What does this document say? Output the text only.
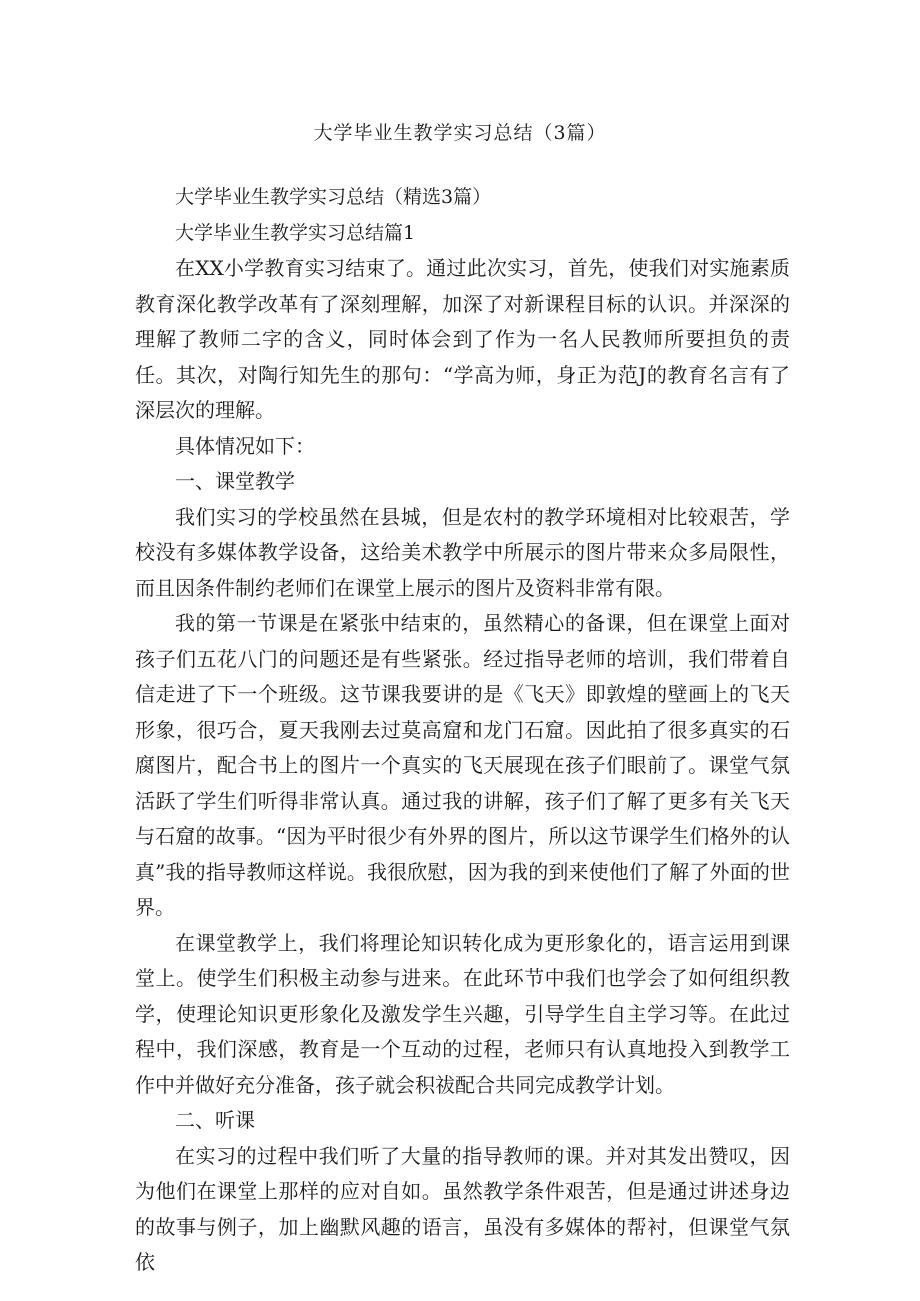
大学毕业生教学实习总结（3篇）

大学毕业生教学实习总结（精选3篇）

大学毕业生教学实习总结篇1

在XX小学教育实习结束了。通过此次实习，首先，使我们对实施素质教育深化教学改革有了深刻理解，加深了对新课程目标的认识。并深深的理解了教师二字的含义，同时体会到了作为一名人民教师所要担负的责任。其次，对陶行知先生的那句：“学高为师，身正为范J的教育名言有了深层次的理解。

具体情况如下：

一、课堂教学

我们实习的学校虽然在县城，但是农村的教学环境相对比较艰苦，学校没有多媒体教学设备，这给美术教学中所展示的图片带来众多局限性，而且因条件制约老师们在课堂上展示的图片及资料非常有限。

我的第一节课是在紧张中结束的，虽然精心的备课，但在课堂上面对孩子们五花八门的问题还是有些紧张。经过指导老师的培训，我们带着自信走进了下一个班级。这节课我要讲的是《飞天》即敦煌的壁画上的飞天形象，很巧合，夏天我刚去过莫高窟和龙门石窟。因此拍了很多真实的石腐图片，配合书上的图片一个真实的飞天展现在孩子们眼前了。课堂气氛活跃了学生们听得非常认真。通过我的讲解，孩子们了解了更多有关飞天与石窟的故事。“因为平时很少有外界的图片，所以这节课学生们格外的认真”我的指导教师这样说。我很欣慰，因为我的到来使他们了解了外面的世界。

在课堂教学上，我们将理论知识转化成为更形象化的，语言运用到课堂上。使学生们积极主动参与进来。在此环节中我们也学会了如何组织教学，使理论知识更形象化及激发学生兴趣，引导学生自主学习等。在此过程中，我们深感，教育是一个互动的过程，老师只有认真地投入到教学工作中并做好充分准备，孩子就会积祓配合共同完成教学计划。

二、听课

在实习的过程中我们听了大量的指导教师的课。并对其发出赞叹，因为他们在课堂上那样的应对自如。虽然教学条件艰苦，但是通过讲述身边的故事与例子，加上幽默风趣的语言，虽没有多媒体的帮衬，但课堂气氛依
